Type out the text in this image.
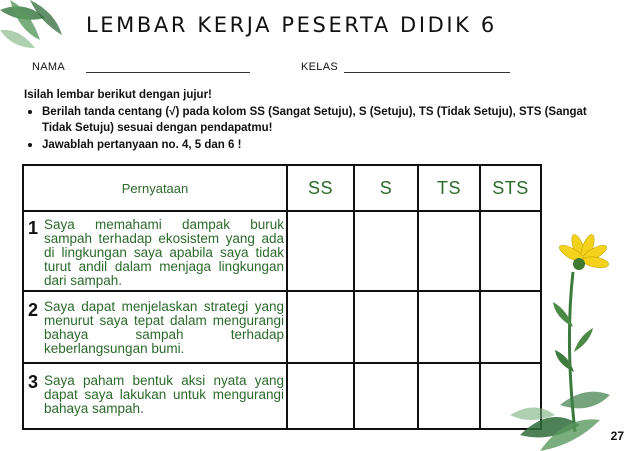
LEMBAR KERJA PESERTA DIDIK 6
NAMA	KELAS
Isilah lembar berikut dengan jujur!
• Berilah tanda centang (√) pada kolom SS (Sangat Setuju), S (Setuju), TS (Tidak Setuju), STS (Sangat Tidak Setuju) sesuai dengan pendapatmu!
• Jawablah pertanyaan no. 4, 5 dan 6 !
Pernyataan	SS	S	TS	STS
1 Saya memahami dampak buruk sampah terhadap ekosistem yang ada di lingkungan saya apabila saya tidak turut andil dalam menjaga lingkungan dari sampah.
2 Saya dapat menjelaskan strategi yang menurut saya tepat dalam mengurangi bahaya sampah terhadap keberlangsungan bumi.
3 Saya paham bentuk aksi nyata yang dapat saya lakukan untuk mengurangi bahaya sampah.
27
